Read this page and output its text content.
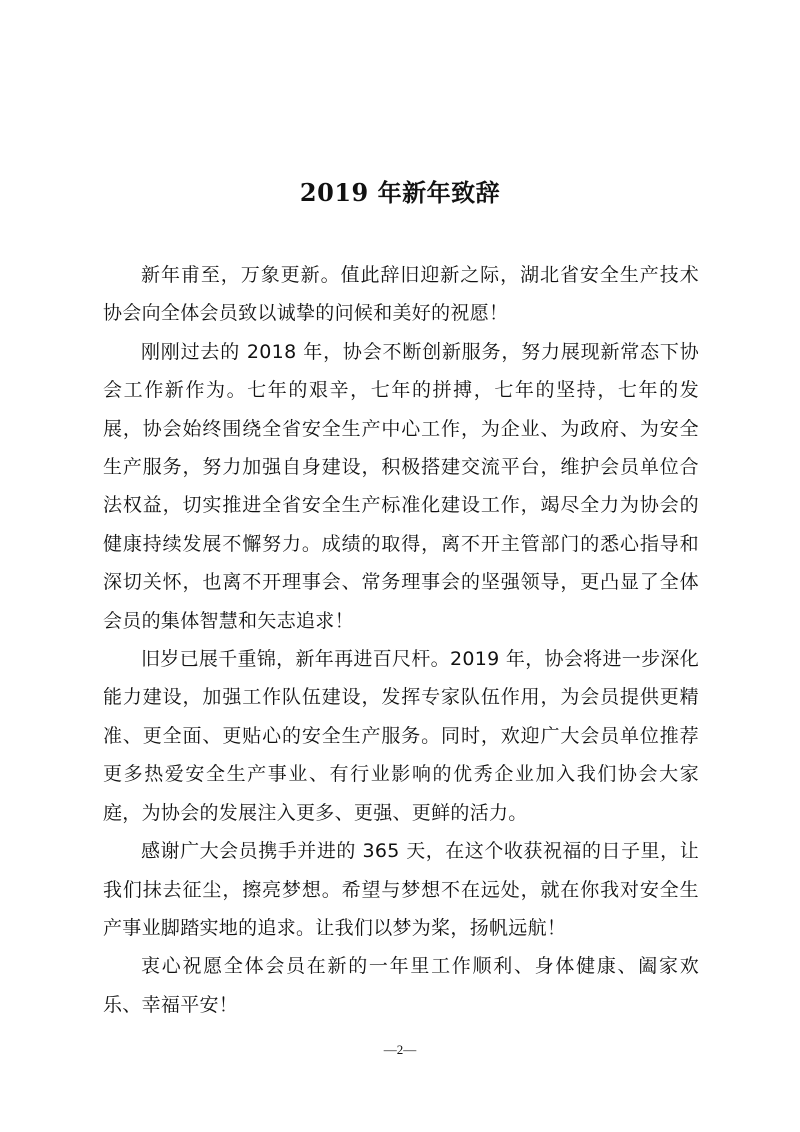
2019 年新年致辞

新年甫至，万象更新。值此辞旧迎新之际，湖北省安全生产技术协会向全体会员致以诚挚的问候和美好的祝愿！

刚刚过去的 2018 年，协会不断创新服务，努力展现新常态下协会工作新作为。七年的艰辛，七年的拼搏，七年的坚持，七年的发展，协会始终围绕全省安全生产中心工作，为企业、为政府、为安全生产服务，努力加强自身建设，积极搭建交流平台，维护会员单位合法权益，切实推进全省安全生产标准化建设工作，竭尽全力为协会的健康持续发展不懈努力。成绩的取得，离不开主管部门的悉心指导和深切关怀，也离不开理事会、常务理事会的坚强领导，更凸显了全体会员的集体智慧和矢志追求！

旧岁已展千重锦，新年再进百尺杆。2019 年，协会将进一步深化能力建设，加强工作队伍建设，发挥专家队伍作用，为会员提供更精准、更全面、更贴心的安全生产服务。同时，欢迎广大会员单位推荐更多热爱安全生产事业、有行业影响的优秀企业加入我们协会大家庭，为协会的发展注入更多、更强、更鲜的活力。

感谢广大会员携手并进的 365 天，在这个收获祝福的日子里，让我们抹去征尘，擦亮梦想。希望与梦想不在远处，就在你我对安全生产事业脚踏实地的追求。让我们以梦为桨，扬帆远航！

衷心祝愿全体会员在新的一年里工作顺利、身体健康、阖家欢乐、幸福平安！

—2—
